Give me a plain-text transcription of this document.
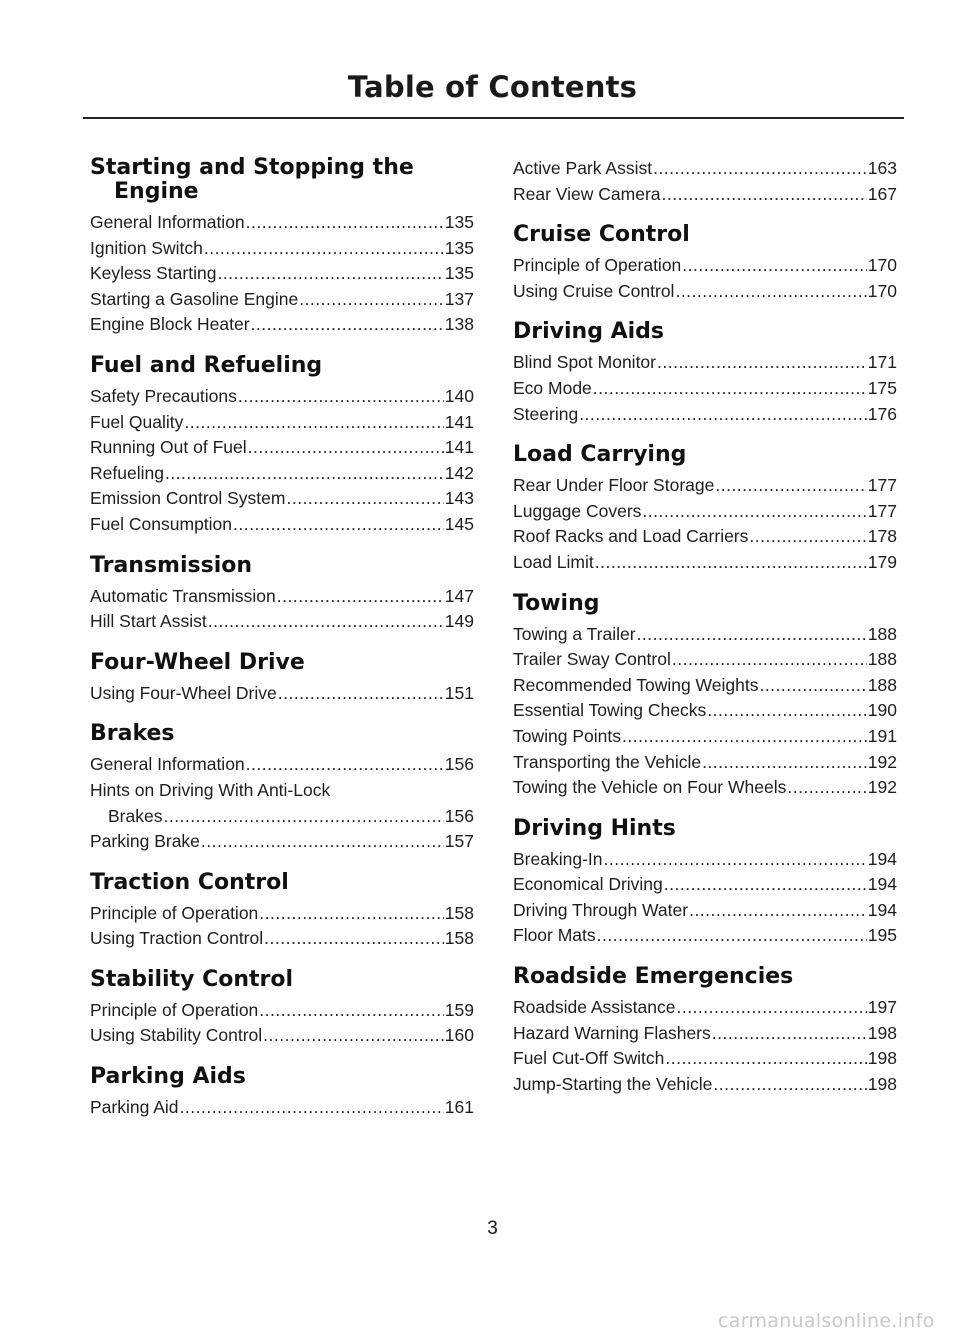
Table of Contents
Starting and Stopping the Engine
General Information .....	135
Ignition Switch .....	135
Keyless Starting .....	135
Starting a Gasoline Engine .....	137
Engine Block Heater .....	138
Fuel and Refueling
Safety Precautions .....	140
Fuel Quality .....	141
Running Out of Fuel .....	141
Refueling .....	142
Emission Control System .....	143
Fuel Consumption .....	145
Transmission
Automatic Transmission .....	147
Hill Start Assist .....	149
Four-Wheel Drive
Using Four-Wheel Drive .....	151
Brakes
General Information .....	156
Hints on Driving With Anti-Lock
Brakes .....	156
Parking Brake .....	157
Traction Control
Principle of Operation .....	158
Using Traction Control .....	158
Stability Control
Principle of Operation .....	159
Using Stability Control .....	160
Parking Aids
Parking Aid .....	161
Active Park Assist .....	163
Rear View Camera .....	167
Cruise Control
Principle of Operation .....	170
Using Cruise Control .....	170
Driving Aids
Blind Spot Monitor .....	171
Eco Mode .....	175
Steering .....	176
Load Carrying
Rear Under Floor Storage .....	177
Luggage Covers .....	177
Roof Racks and Load Carriers .....	178
Load Limit .....	179
Towing
Towing a Trailer .....	188
Trailer Sway Control .....	188
Recommended Towing Weights .....	188
Essential Towing Checks .....	190
Towing Points .....	191
Transporting the Vehicle .....	192
Towing the Vehicle on Four Wheels .....	192
Driving Hints
Breaking-In .....	194
Economical Driving .....	194
Driving Through Water .....	194
Floor Mats .....	195
Roadside Emergencies
Roadside Assistance .....	197
Hazard Warning Flashers .....	198
Fuel Cut-Off Switch .....	198
Jump-Starting the Vehicle .....	198
3
carmanualsonline.info
